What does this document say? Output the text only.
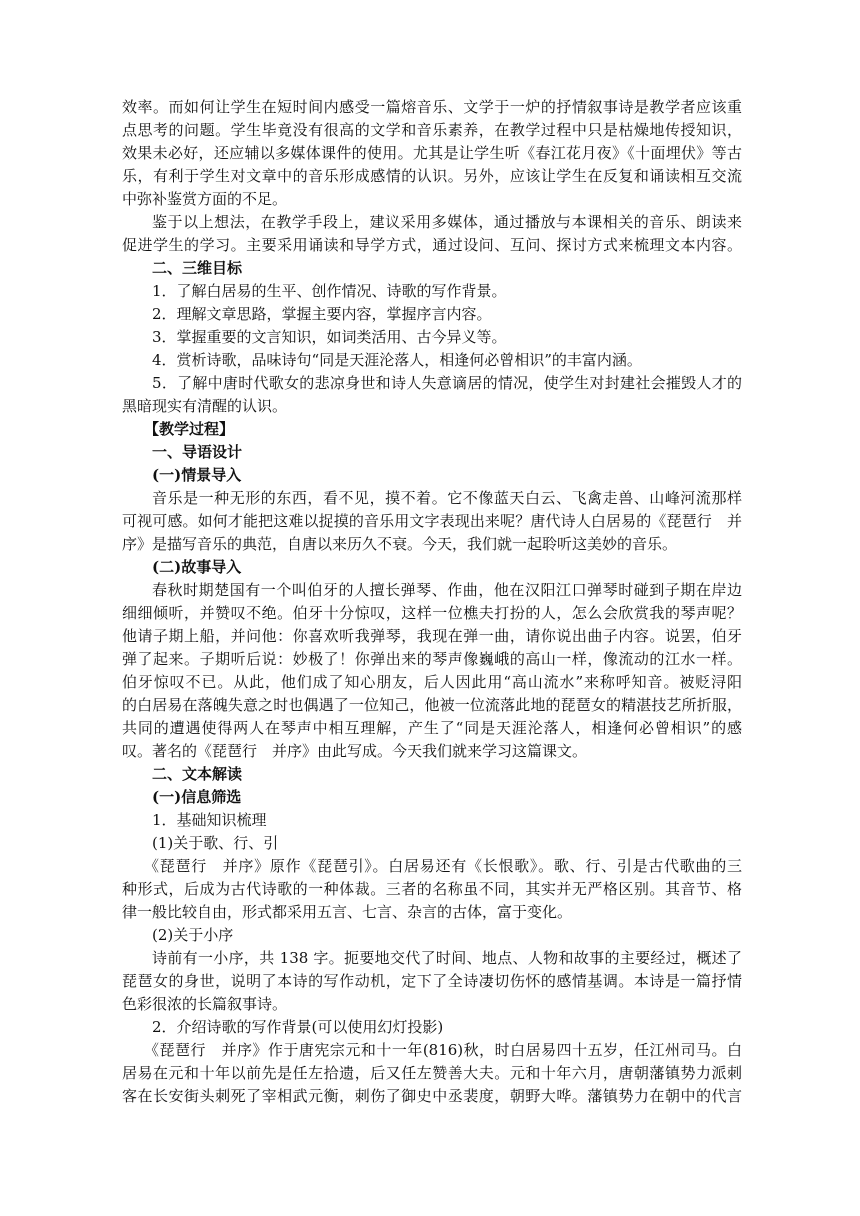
效率。而如何让学生在短时间内感受一篇熔音乐、文学于一炉的抒情叙事诗是教学者应该重
点思考的问题。学生毕竟没有很高的文学和音乐素养，在教学过程中只是枯燥地传授知识，
效果未必好，还应辅以多媒体课件的使用。尤其是让学生听《春江花月夜》《十面埋伏》等古
乐，有利于学生对文章中的音乐形成感情的认识。另外，应该让学生在反复和诵读相互交流
中弥补鉴赏方面的不足。
鉴于以上想法，在教学手段上，建议采用多媒体，通过播放与本课相关的音乐、朗读来
促进学生的学习。主要采用诵读和导学方式，通过设问、互问、探讨方式来梳理文本内容。
二、三维目标
1．了解白居易的生平、创作情况、诗歌的写作背景。
2．理解文章思路，掌握主要内容，掌握序言内容。
3．掌握重要的文言知识，如词类活用、古今异义等。
4．赏析诗歌，品味诗句“同是天涯沦落人，相逢何必曾相识”的丰富内涵。
5．了解中唐时代歌女的悲凉身世和诗人失意谪居的情况，使学生对封建社会摧毁人才的
黑暗现实有清醒的认识。
【教学过程】
一、导语设计
(一)情景导入
音乐是一种无形的东西，看不见，摸不着。它不像蓝天白云、飞禽走兽、山峰河流那样
可视可感。如何才能把这难以捉摸的音乐用文字表现出来呢？唐代诗人白居易的《琵琶行　并
序》是描写音乐的典范，自唐以来历久不衰。今天，我们就一起聆听这美妙的音乐。
(二)故事导入
春秋时期楚国有一个叫伯牙的人擅长弹琴、作曲，他在汉阳江口弹琴时碰到子期在岸边
细细倾听，并赞叹不绝。伯牙十分惊叹，这样一位樵夫打扮的人，怎么会欣赏我的琴声呢？
他请子期上船，并问他：你喜欢听我弹琴，我现在弹一曲，请你说出曲子内容。说罢，伯牙
弹了起来。子期听后说：妙极了！你弹出来的琴声像巍峨的高山一样，像流动的江水一样。
伯牙惊叹不已。从此，他们成了知心朋友，后人因此用“高山流水”来称呼知音。被贬浔阳
的白居易在落魄失意之时也偶遇了一位知己，他被一位流落此地的琵琶女的精湛技艺所折服，
共同的遭遇使得两人在琴声中相互理解，产生了“同是天涯沦落人，相逢何必曾相识”的感
叹。著名的《琵琶行　并序》由此写成。今天我们就来学习这篇课文。
二、文本解读
(一)信息筛选
1．基础知识梳理
(1)关于歌、行、引
《琵琶行　并序》原作《琵琶引》。白居易还有《长恨歌》。歌、行、引是古代歌曲的三
种形式，后成为古代诗歌的一种体裁。三者的名称虽不同，其实并无严格区别。其音节、格
律一般比较自由，形式都采用五言、七言、杂言的古体，富于变化。
(2)关于小序
诗前有一小序，共 138 字。扼要地交代了时间、地点、人物和故事的主要经过，概述了
琵琶女的身世，说明了本诗的写作动机，定下了全诗凄切伤怀的感情基调。本诗是一篇抒情
色彩很浓的长篇叙事诗。
2．介绍诗歌的写作背景(可以使用幻灯投影)
《琵琶行　并序》作于唐宪宗元和十一年(816)秋，时白居易四十五岁，任江州司马。白
居易在元和十年以前先是任左拾遗，后又任左赞善大夫。元和十年六月，唐朝藩镇势力派刺
客在长安街头刺死了宰相武元衡，刺伤了御史中丞裴度，朝野大哗。藩镇势力在朝中的代言
